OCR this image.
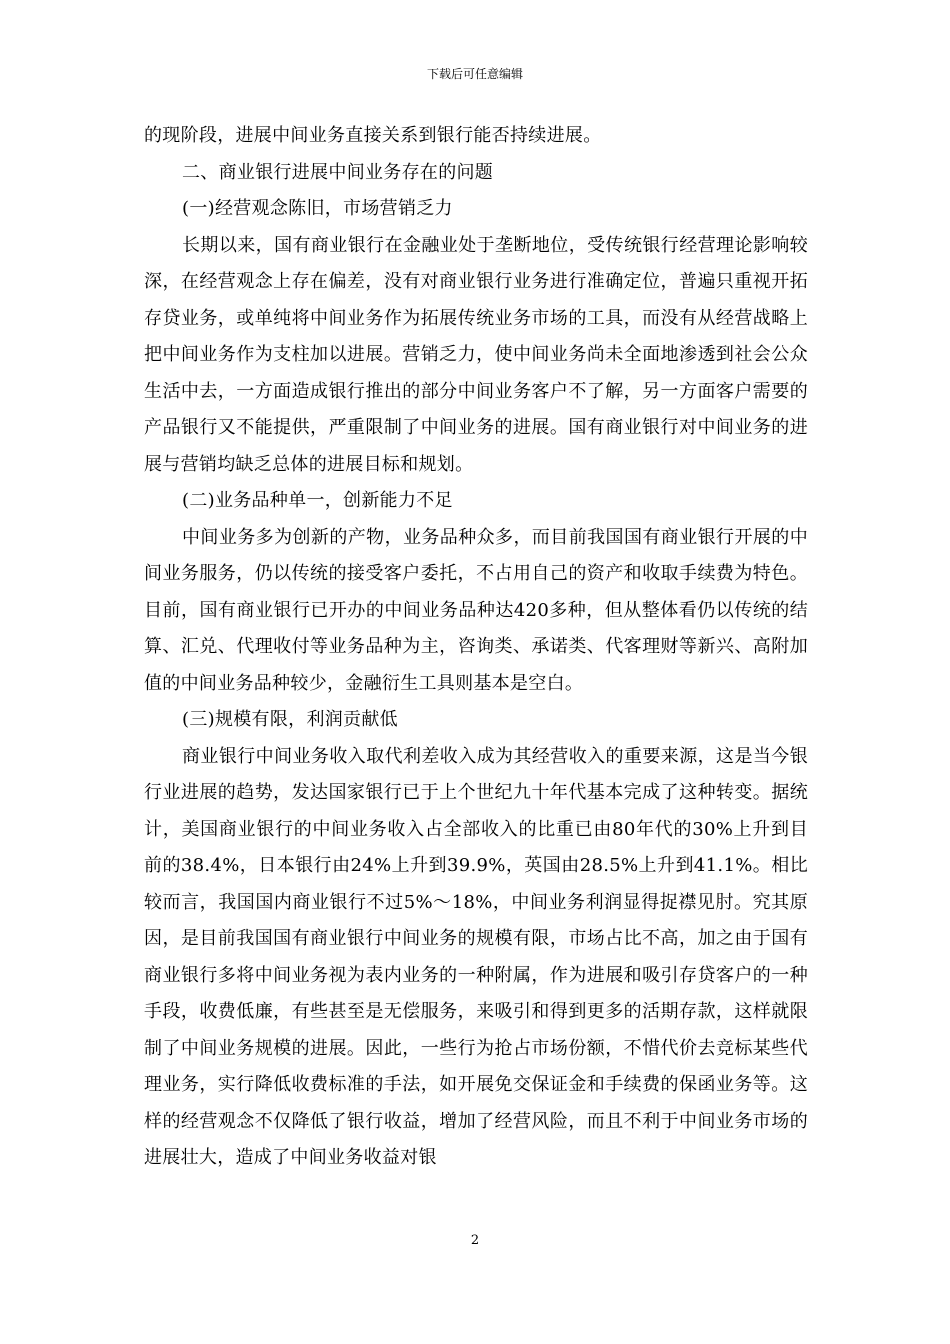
下载后可任意编辑

的现阶段，进展中间业务直接关系到银行能否持续进展。

二、商业银行进展中间业务存在的问题

(一)经营观念陈旧，市场营销乏力

长期以来，国有商业银行在金融业处于垄断地位，受传统银行经营理论影响较深，在经营观念上存在偏差，没有对商业银行业务进行准确定位，普遍只重视开拓存贷业务，或单纯将中间业务作为拓展传统业务市场的工具，而没有从经营战略上把中间业务作为支柱加以进展。营销乏力，使中间业务尚未全面地渗透到社会公众生活中去，一方面造成银行推出的部分中间业务客户不了解，另一方面客户需要的产品银行又不能提供，严重限制了中间业务的进展。国有商业银行对中间业务的进展与营销均缺乏总体的进展目标和规划。

(二)业务品种单一，创新能力不足

中间业务多为创新的产物，业务品种众多，而目前我国国有商业银行开展的中间业务服务，仍以传统的接受客户委托，不占用自己的资产和收取手续费为特色。目前，国有商业银行已开办的中间业务品种达420多种，但从整体看仍以传统的结算、汇兑、代理收付等业务品种为主，咨询类、承诺类、代客理财等新兴、高附加值的中间业务品种较少，金融衍生工具则基本是空白。

(三)规模有限，利润贡献低

商业银行中间业务收入取代利差收入成为其经营收入的重要来源，这是当今银行业进展的趋势，发达国家银行已于上个世纪九十年代基本完成了这种转变。据统计，美国商业银行的中间业务收入占全部收入的比重已由80年代的30%上升到目前的38.4%，日本银行由24%上升到39.9%，英国由28.5%上升到41.1%。相比较而言，我国国内商业银行不过5%～18%，中间业务利润显得捉襟见肘。究其原因，是目前我国国有商业银行中间业务的规模有限，市场占比不高，加之由于国有商业银行多将中间业务视为表内业务的一种附属，作为进展和吸引存贷客户的一种手段，收费低廉，有些甚至是无偿服务，来吸引和得到更多的活期存款，这样就限制了中间业务规模的进展。因此，一些行为抢占市场份额，不惜代价去竞标某些代理业务，实行降低收费标准的手法，如开展免交保证金和手续费的保函业务等。这样的经营观念不仅降低了银行收益，增加了经营风险，而且不利于中间业务市场的进展壮大，造成了中间业务收益对银

2
